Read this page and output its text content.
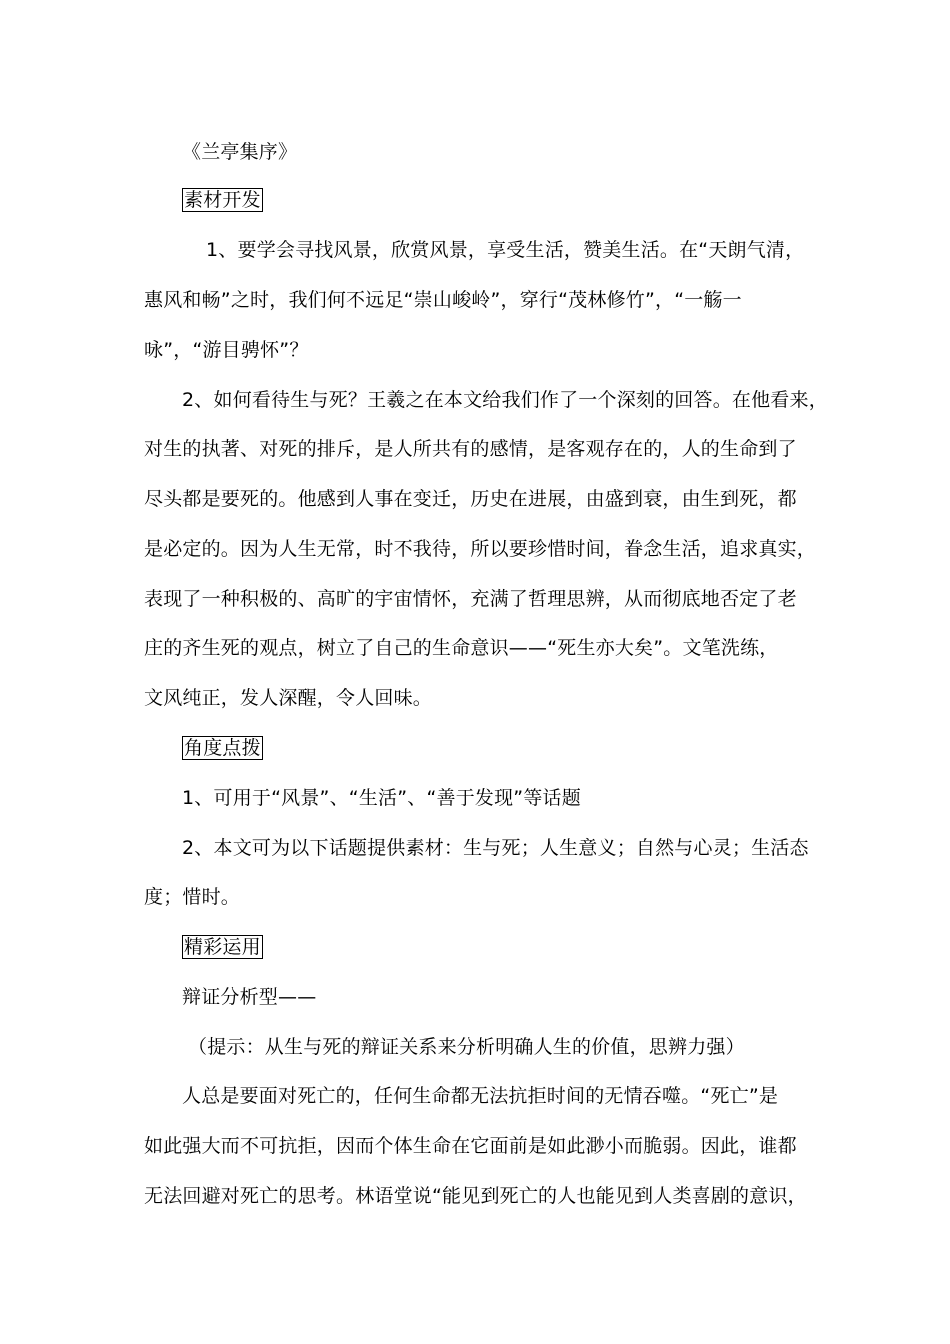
《兰亭集序》
素材开发
1、要学会寻找风景，欣赏风景，享受生活，赞美生活。在“天朗气清，
惠风和畅”之时，我们何不远足“崇山峻岭”，穿行“茂林修竹”，“一觞一
咏”，“游目骋怀”？
2、如何看待生与死？王羲之在本文给我们作了一个深刻的回答。在他看来，
对生的执著、对死的排斥，是人所共有的感情，是客观存在的，人的生命到了
尽头都是要死的。他感到人事在变迁，历史在进展，由盛到衰，由生到死，都
是必定的。因为人生无常，时不我待，所以要珍惜时间，眷念生活，追求真实，
表现了一种积极的、高旷的宇宙情怀，充满了哲理思辨，从而彻底地否定了老
庄的齐生死的观点，树立了自己的生命意识——“死生亦大矣”。文笔洗练，
文风纯正，发人深醒，令人回味。
角度点拨
1、可用于“风景”、“生活”、“善于发现”等话题
2、本文可为以下话题提供素材：生与死；人生意义；自然与心灵；生活态
度；惜时。
精彩运用
辩证分析型——
（提示：从生与死的辩证关系来分析明确人生的价值，思辨力强）
人总是要面对死亡的，任何生命都无法抗拒时间的无情吞噬。“死亡”是
如此强大而不可抗拒，因而个体生命在它面前是如此渺小而脆弱。因此，谁都
无法回避对死亡的思考。林语堂说“能见到死亡的人也能见到人类喜剧的意识，
